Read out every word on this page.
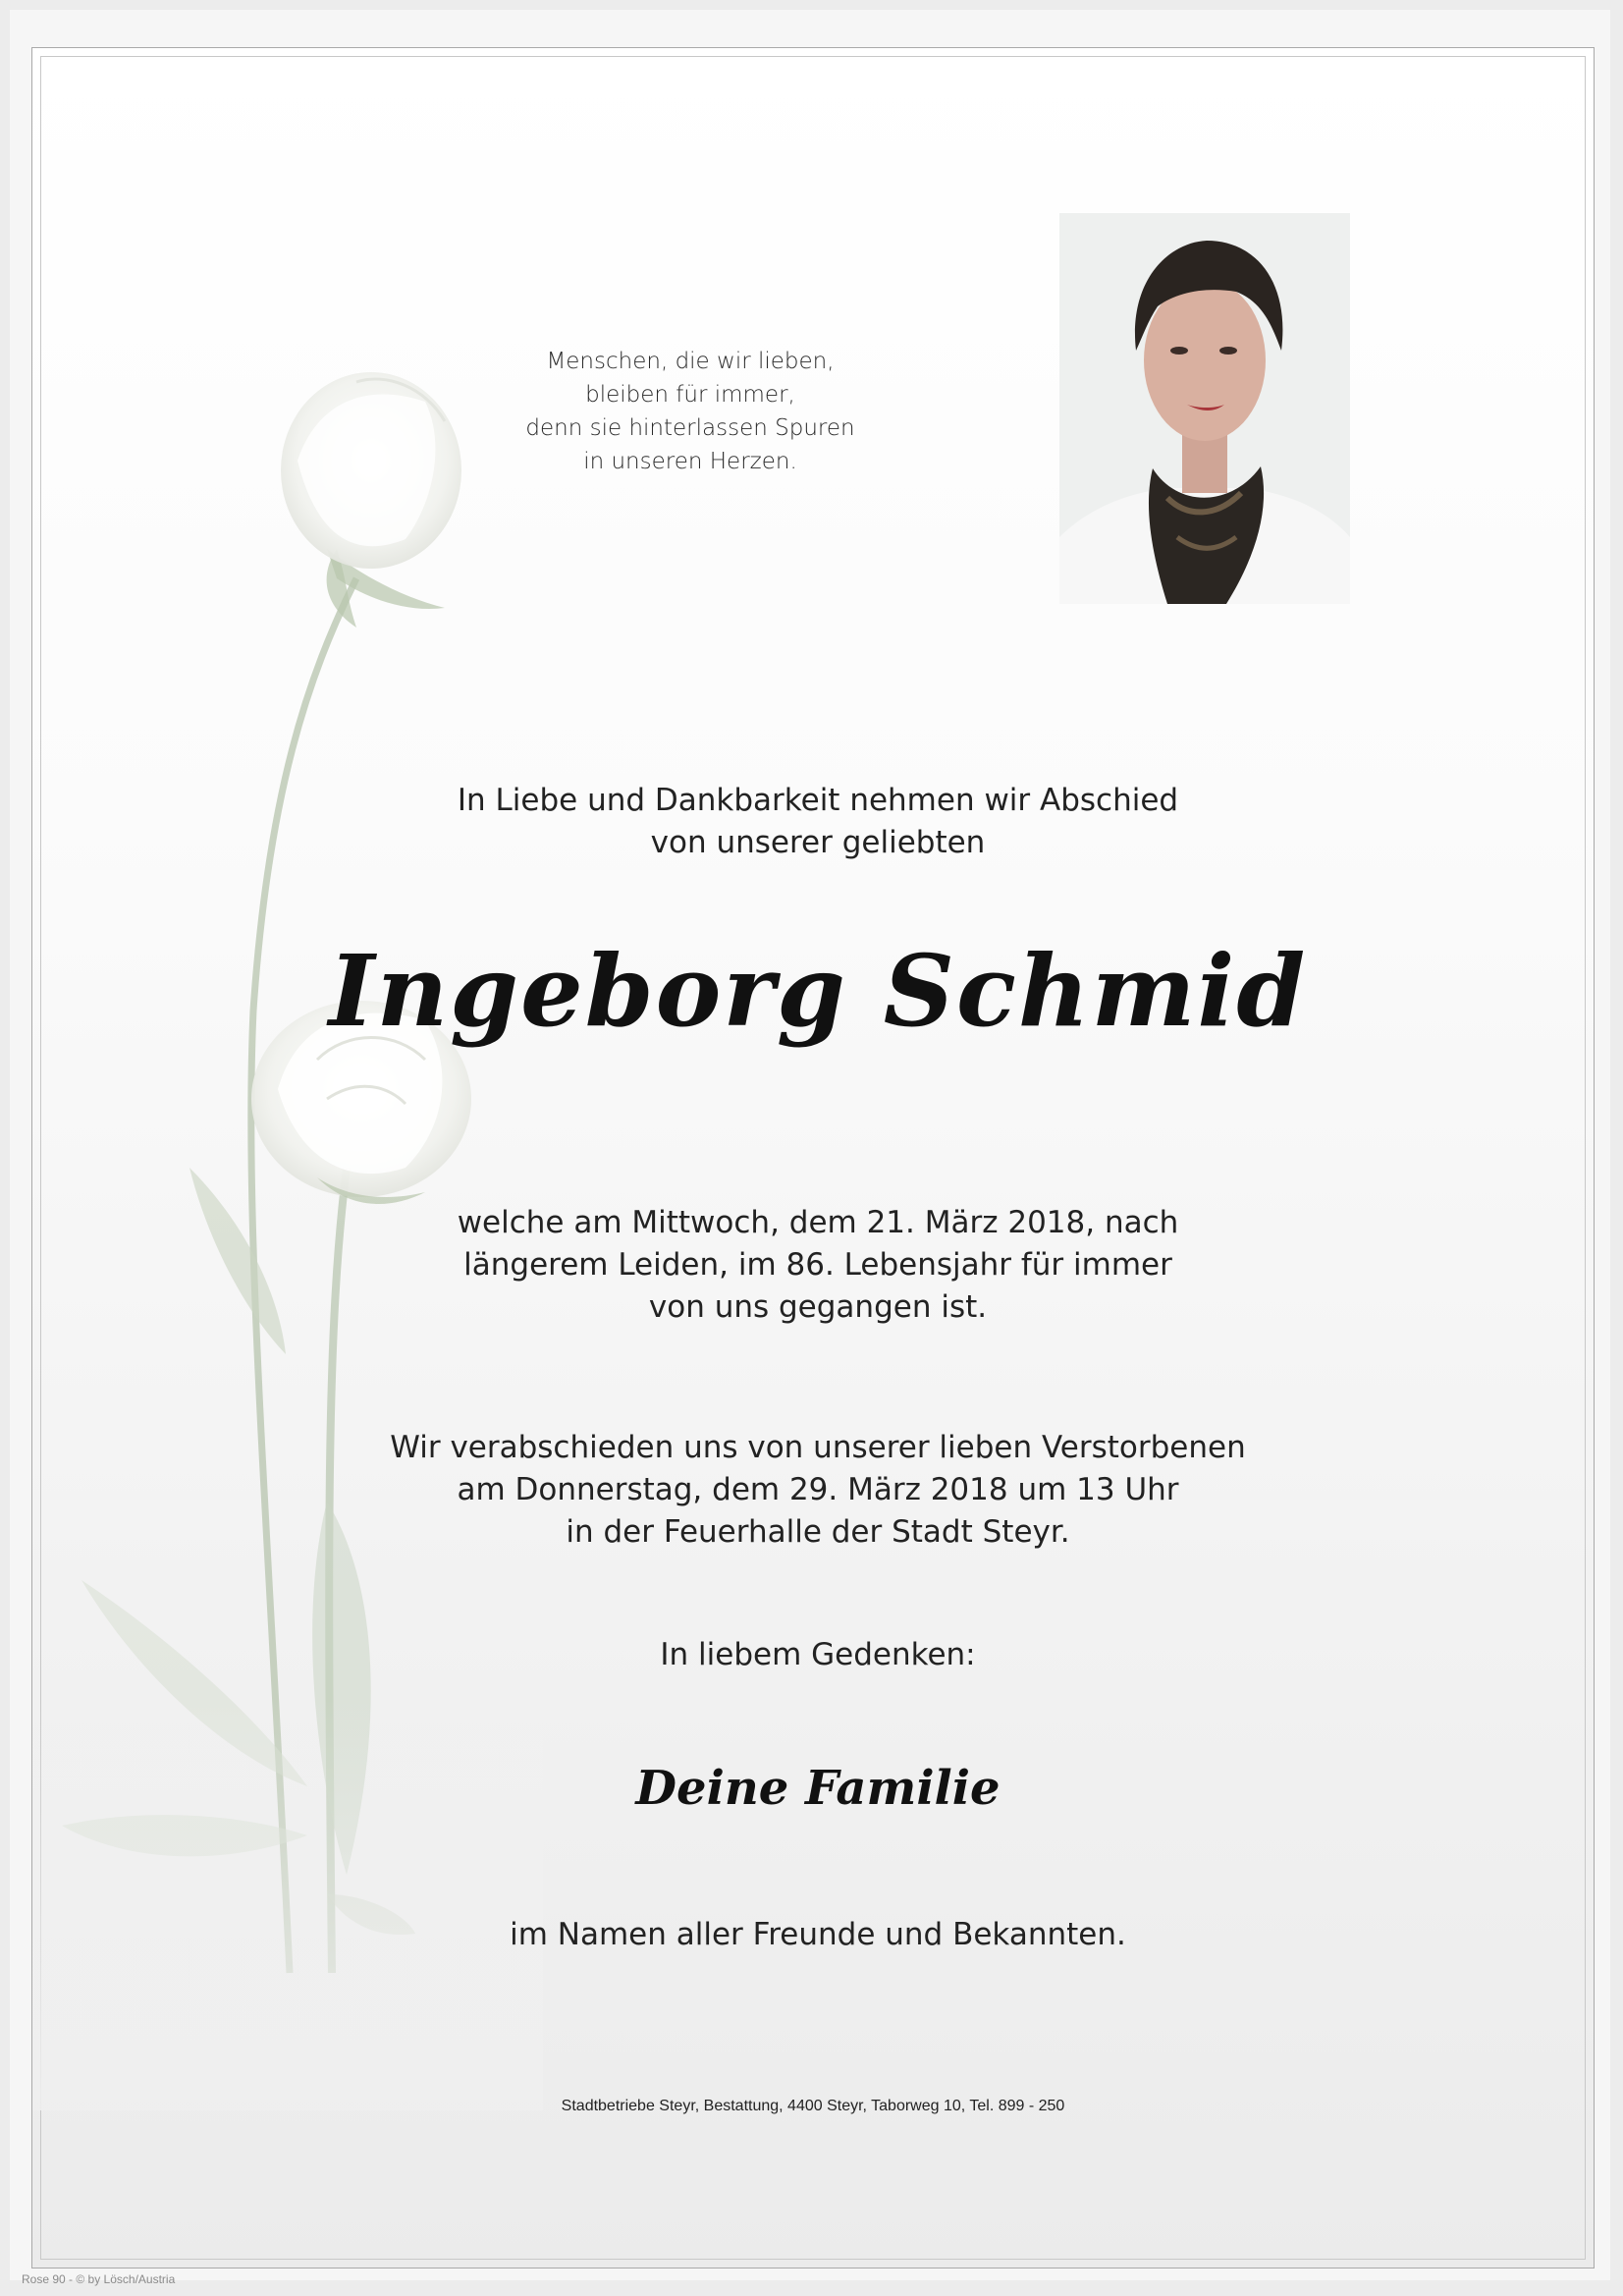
Menschen, die wir lieben,
bleiben für immer,
denn sie hinterlassen Spuren
in unseren Herzen.
In Liebe und Dankbarkeit nehmen wir Abschied
von unserer geliebten
Ingeborg Schmid
welche am Mittwoch, dem 21. März 2018, nach
längerem Leiden, im 86. Lebensjahr für immer
von uns gegangen ist.
Wir verabschieden uns von unserer lieben Verstorbenen
am Donnerstag, dem 29. März 2018 um 13 Uhr
in der Feuerhalle der Stadt Steyr.
In liebem Gedenken:
Deine Familie
im Namen aller Freunde und Bekannten.
Stadtbetriebe Steyr, Bestattung, 4400 Steyr, Taborweg 10, Tel. 899 - 250
Rose 90 - © by Lösch/Austria
